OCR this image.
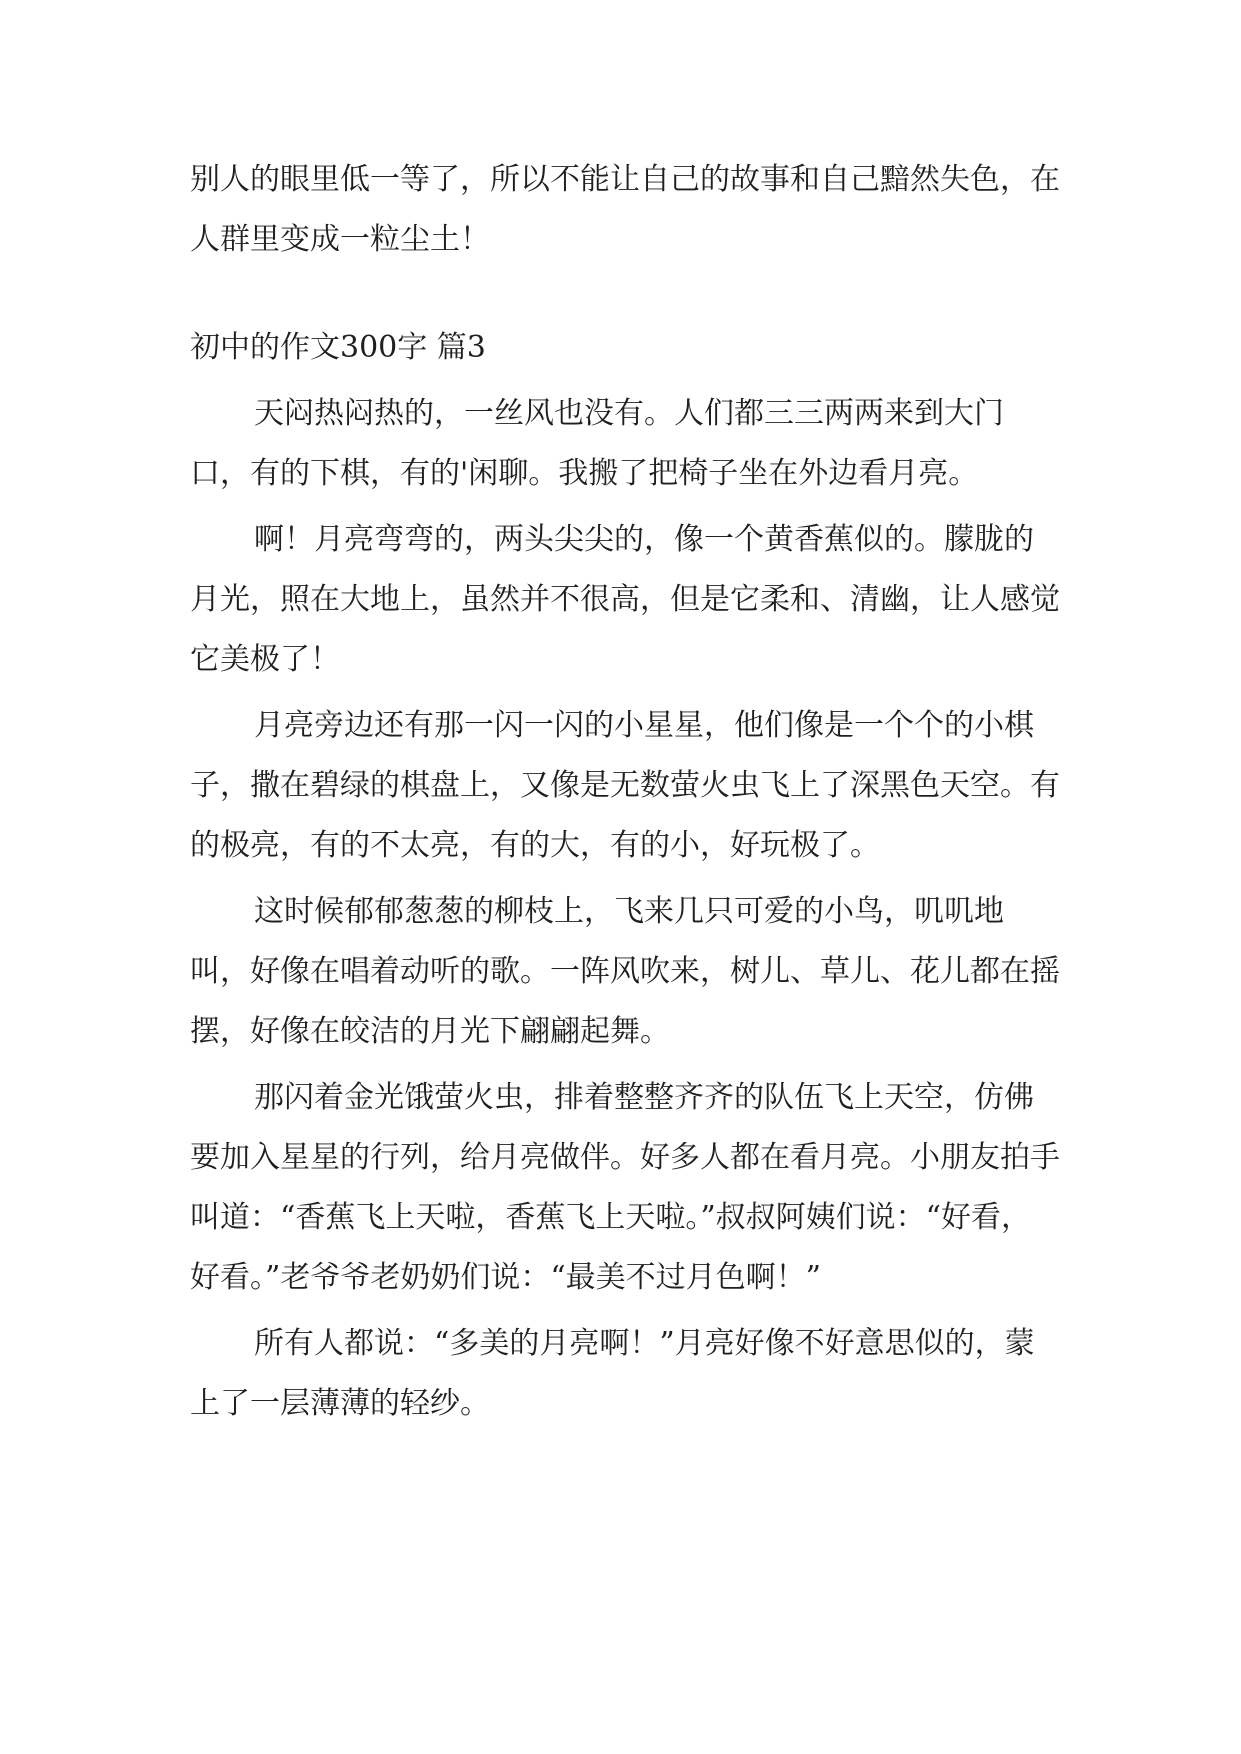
别人的眼里低一等了，所以不能让自己的故事和自己黯然失色，在人群里变成一粒尘土！

初中的作文300字 篇3

天闷热闷热的，一丝风也没有。人们都三三两两来到大门口，有的下棋，有的'闲聊。我搬了把椅子坐在外边看月亮。

啊！月亮弯弯的，两头尖尖的，像一个黄香蕉似的。朦胧的月光，照在大地上，虽然并不很高，但是它柔和、清幽，让人感觉它美极了！

月亮旁边还有那一闪一闪的小星星，他们像是一个个的小棋子，撒在碧绿的棋盘上，又像是无数萤火虫飞上了深黑色天空。有的极亮，有的不太亮，有的大，有的小，好玩极了。

这时候郁郁葱葱的柳枝上，飞来几只可爱的小鸟，叽叽地叫，好像在唱着动听的歌。一阵风吹来，树儿、草儿、花儿都在摇摆，好像在皎洁的月光下翩翩起舞。

那闪着金光饿萤火虫，排着整整齐齐的队伍飞上天空，仿佛要加入星星的行列，给月亮做伴。好多人都在看月亮。小朋友拍手叫道：“香蕉飞上天啦，香蕉飞上天啦。”叔叔阿姨们说：“好看，好看。”老爷爷老奶奶们说：“最美不过月色啊！”

所有人都说：“多美的月亮啊！”月亮好像不好意思似的，蒙上了一层薄薄的轻纱。
